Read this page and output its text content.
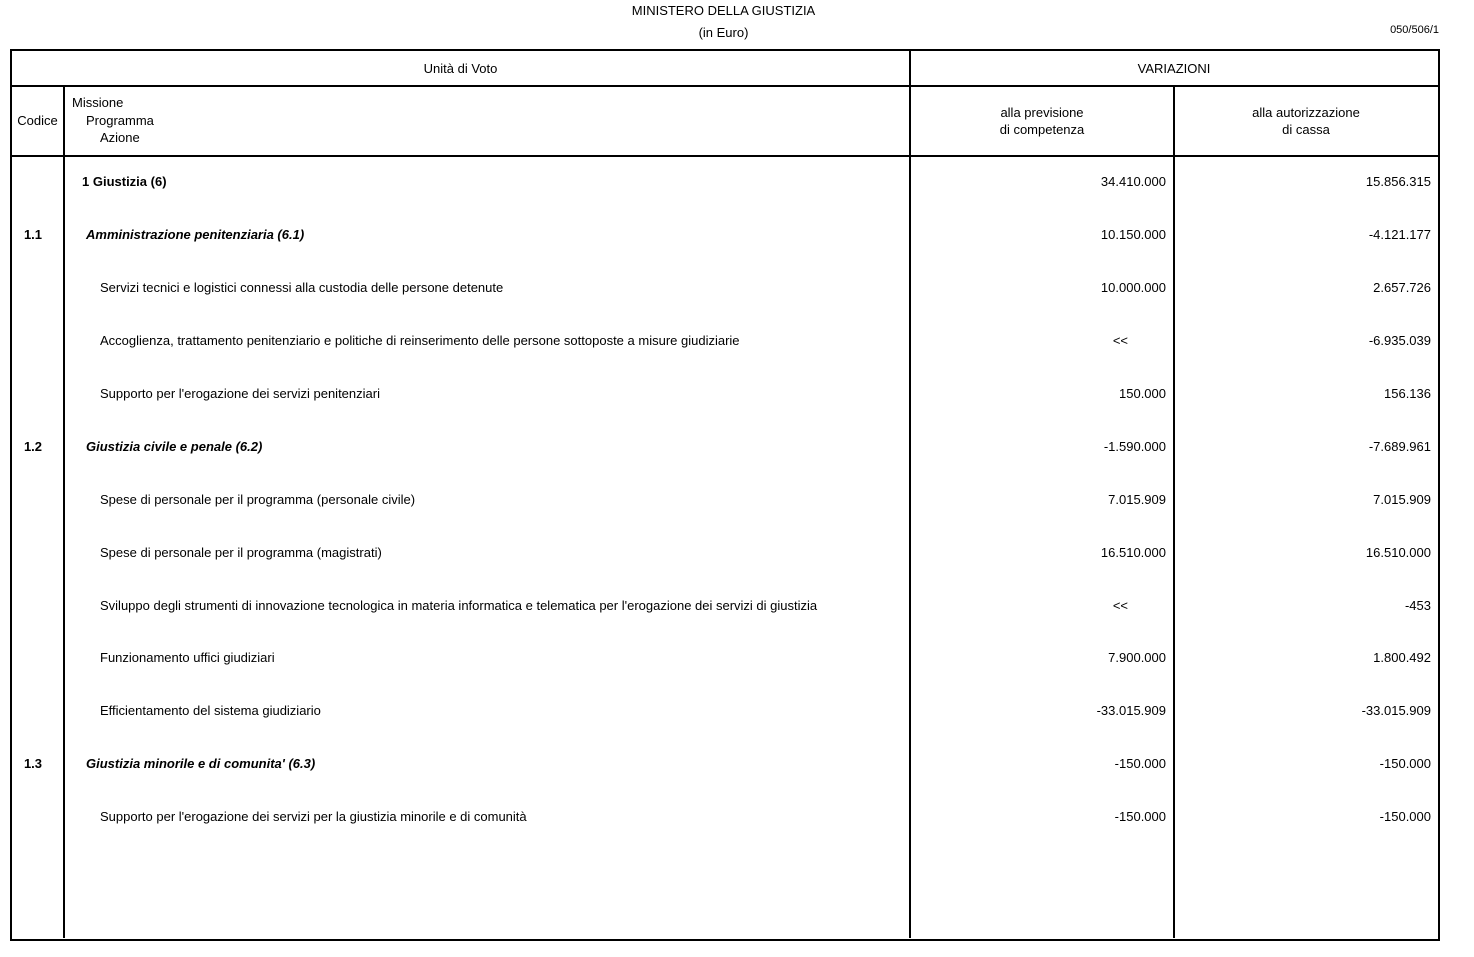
MINISTERO DELLA GIUSTIZIA
(in Euro)	050/506/1
Unità di Voto	VARIAZIONI
Codice
Missione
Programma
Azione
alla previsione
di competenza
alla autorizzazione
di cassa
1 Giustizia (6)	34.410.000	15.856.315
1.1	Amministrazione penitenziaria (6.1)	10.150.000	-4.121.177
Servizi tecnici e logistici connessi alla custodia delle persone detenute	10.000.000	2.657.726
Accoglienza, trattamento penitenziario e politiche di reinserimento delle persone sottoposte a misure giudiziarie	<<	-6.935.039
Supporto per l'erogazione dei servizi penitenziari	150.000	156.136
1.2	Giustizia civile e penale (6.2)	-1.590.000	-7.689.961
Spese di personale per il programma (personale civile)	7.015.909	7.015.909
Spese di personale per il programma (magistrati)	16.510.000	16.510.000
Sviluppo degli strumenti di innovazione tecnologica in materia informatica e telematica per l'erogazione dei servizi di giustizia	<<	-453
Funzionamento uffici giudiziari	7.900.000	1.800.492
Efficientamento del sistema giudiziario	-33.015.909	-33.015.909
1.3	Giustizia minorile e di comunita' (6.3)	-150.000	-150.000
Supporto per l'erogazione dei servizi per la giustizia minorile e di comunità	-150.000	-150.000
